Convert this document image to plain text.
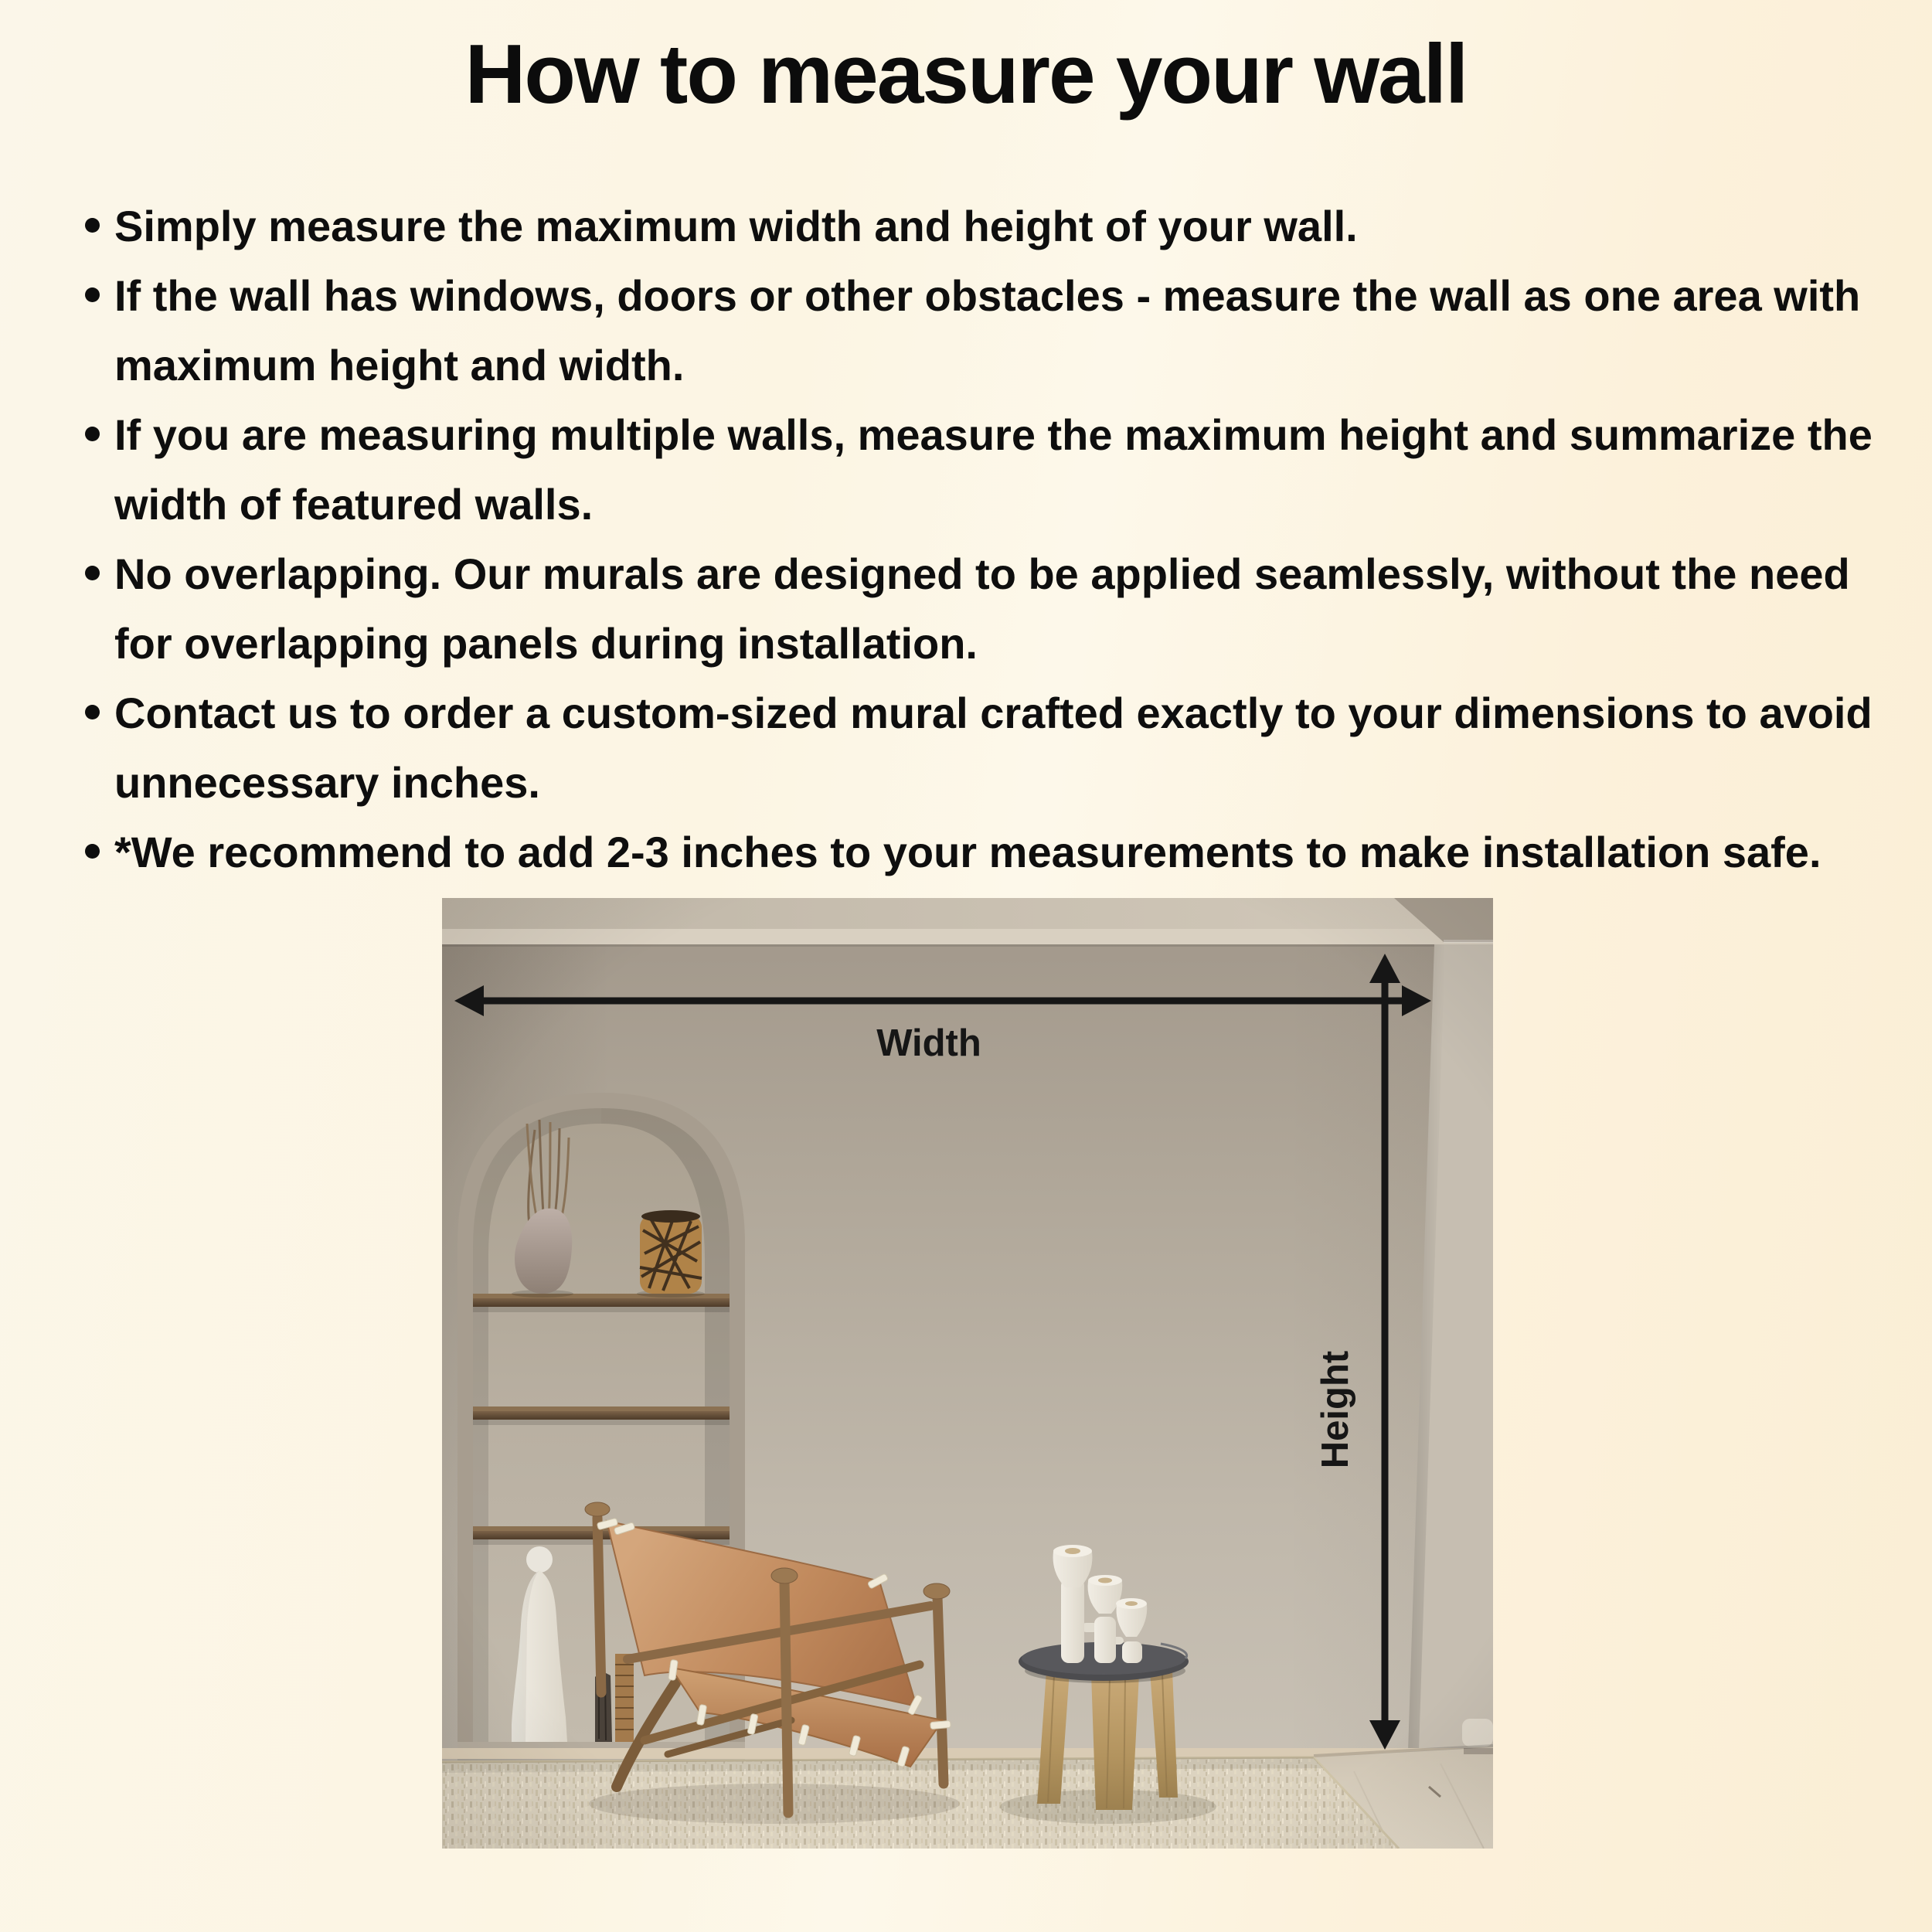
How to measure your wall
Simply measure the maximum width and height of your wall.
If the wall has windows, doors or other obstacles - measure the wall as one area with maximum height and width.
If you are measuring multiple walls, measure the maximum height and summarize the width of featured walls.
No overlapping. Our murals are designed to be applied seamlessly, without the need for overlapping panels during installation.
Contact us to order a custom-sized mural crafted exactly to your dimensions to avoid unnecessary inches.
*We recommend to add 2-3 inches to your measurements to make installation safe.
Width
Height
